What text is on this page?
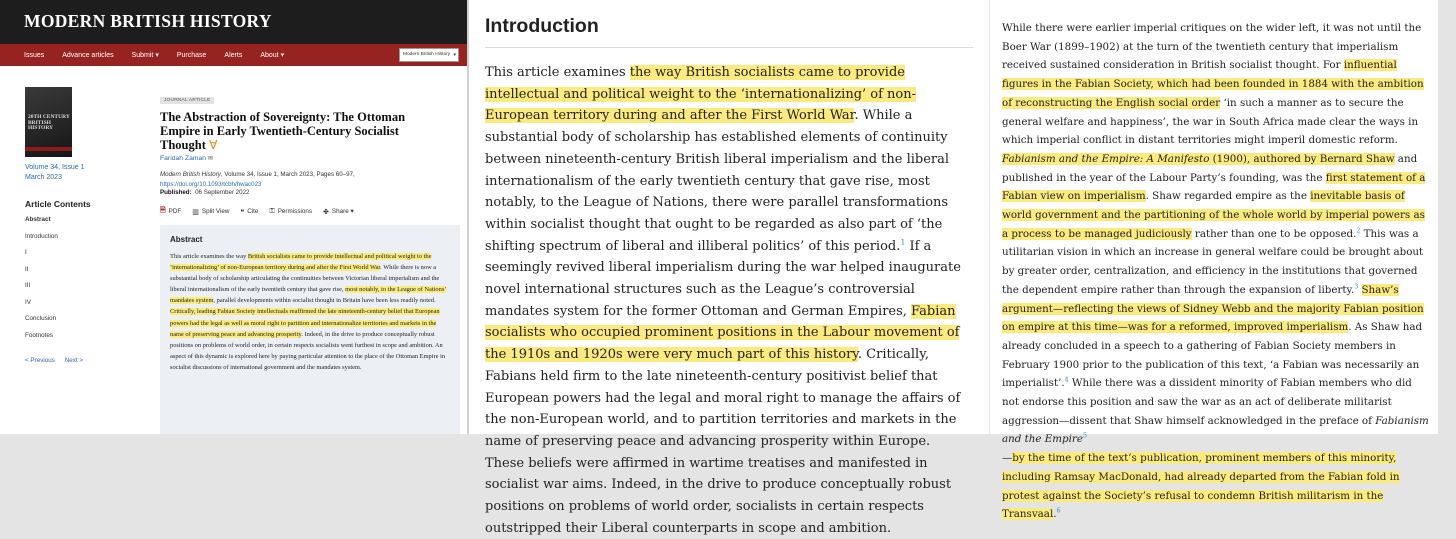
MODERN BRITISH HISTORY
Issues	Advance articles	Submit ▾	Purchase	Alerts	About ▾	Modern British History ▾
20TH CENTURY BRITISH HISTORY
Volume 34, Issue 1
March 2023
Article Contents
Abstract
Introduction
I
II
III
IV
Conclusion
Footnotes
< Previous Next >
JOURNAL ARTICLE
The Abstraction of Sovereignty: The Ottoman Empire in Early Twentieth-Century Socialist Thought Ɐ
Faridah Zaman ✉
Modern British History, Volume 34, Issue 1, March 2023, Pages 60–97,
https://doi.org/10.1093/tcbh/hwac023
Published: 06 September 2022
🗎 PDF ▥ Split View ❝ Cite ⚿ Permissions ✤ Share ▾
Abstract
This article examines the way British socialists came to provide intellectual and political weight to the ‘internationalizing’ of non-European territory during and after the First World War. While there is now a substantial body of scholarship articulating the continuities between Victorian liberal imperialism and the liberal internationalism of the early twentieth century that gave rise, most notably, to the League of Nations’ mandates system, parallel developments within socialist thought in Britain have been less readily noted. Critically, leading Fabian Society intellectuals reaffirmed the late nineteenth-century belief that European powers had the legal as well as moral right to partition and internationalize territories and markets in the name of preserving peace and advancing prosperity. Indeed, in the drive to produce conceptually robust positions on problems of world order, in certain respects socialists went furthest in scope and ambition. An aspect of this dynamic is explored here by paying particular attention to the place of the Ottoman Empire in socialist discussions of international government and the mandates system.
Introduction
This article examines the way British socialists came to provide intellectual and political weight to the ‘internationalizing’ of non-European territory during and after the First World War. While a substantial body of scholarship has established elements of continuity between nineteenth-century British liberal imperialism and the liberal internationalism of the early twentieth century that gave rise, most notably, to the League of Nations, there were parallel transformations within socialist thought that ought to be regarded as also part of ‘the shifting spectrum of liberal and illiberal politics’ of this period.$^1$ If a seemingly revived liberal imperialism during the war helped inaugurate novel international structures such as the League’s controversial mandates system for the former Ottoman and German Empires, Fabian socialists who occupied prominent positions in the Labour movement of the 1910s and 1920s were very much part of this history. Critically, Fabians held firm to the late nineteenth-century positivist belief that European powers had the legal and moral right to manage the affairs of the non-European world, and to partition territories and markets in the name of preserving peace and advancing prosperity within Europe. These beliefs were affirmed in wartime treatises and manifested in socialist war aims. Indeed, in the drive to produce conceptually robust positions on problems of world order, socialists in certain respects outstripped their Liberal counterparts in scope and ambition.
While there were earlier imperial critiques on the wider left, it was not until the Boer War (1899–1902) at the turn of the twentieth century that imperialism received sustained consideration in British socialist thought. For influential figures in the Fabian Society, which had been founded in 1884 with the ambition of reconstructing the English social order ‘in such a manner as to secure the general welfare and happiness’, the war in South Africa made clear the ways in which imperial conflict in distant territories might imperil domestic reform. Fabianism and the Empire: A Manifesto (1900), authored by Bernard Shaw and published in the year of the Labour Party’s founding, was the first statement of a Fabian view on imperialism. Shaw regarded empire as the inevitable basis of world government and the partitioning of the whole world by imperial powers as a process to be managed judiciously rather than one to be opposed.$^2$ This was a utilitarian vision in which an increase in general welfare could be brought about by greater order, centralization, and efficiency in the institutions that governed the dependent empire rather than through the expansion of liberty.$^3$ Shaw’s argument—reflecting the views of Sidney Webb and the majority Fabian position on empire at this time—was for a reformed, improved imperialism. As Shaw had already concluded in a speech to a gathering of Fabian Society members in February 1900 prior to the publication of this text, ‘a Fabian was necessarily an imperialist’.$^4$ While there was a dissident minority of Fabian members who did not endorse this position and saw the war as an act of deliberate militarist aggression—dissent that Shaw himself acknowledged in the preface of Fabianism and the Empire$^5$
—by the time of the text’s publication, prominent members of this minority, including Ramsay MacDonald, had already departed from the Fabian fold in protest against the Society’s refusal to condemn British militarism in the Transvaal.$^6$
